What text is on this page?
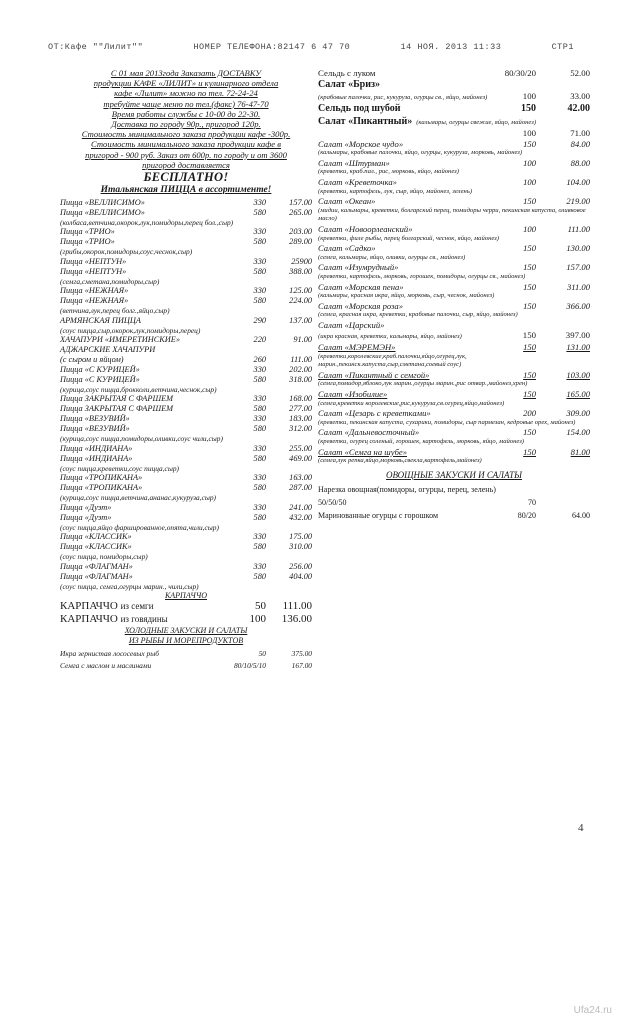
ОТ:Кафе ""Лилит""	НОМЕР ТЕЛЕФОНА:82147 6 47 70	14 НОЯ. 2013 11:33	СТР1
С 01 мая 2013года Заказать ДОСТАВКУ
продукции КАФЕ «ЛИЛИТ» и кулинарного отдела
кафе «Лилит» можно по тел. 72-24-24
требуйте чаще меню по тел.(факс) 76-47-70
Время работы службы с 10-00 до 22-30.
Доставка по городу 90р., пригород 120р.
Стоимость минимального заказа продукции кафе -300р.
Стоимость минимального заказа продукции кафе в
пригород - 900 руб. Заказ от 600р. по городу и от 3600
пригород доставляется
БЕСПЛАТНО!
Итальянская ПИЦЦА в ассортименте!
Пицца «ВЕЛЛИСИМО»	330	157.00
Пицца «ВЕЛЛИСИМО»	580	265.00
(колбаса,ветчина,окорок,лук,помидоры,перец бол.,сыр)
Пицца «ТРИО»	330	203.00
Пицца «ТРИО»	580	289.00
(грибы,окорок,помидоры,соус,чеснок,сыр)
Пицца «НЕПТУН»	330	25900
Пицца «НЕПТУН»	580	388.00
(семга,сметана,помидоры,сыр)
Пицца «НЕЖНАЯ»	330	125.00
Пицца «НЕЖНАЯ»	580	224.00
(ветчина,лук,перец болг.,яйцо,сыр)
АРМЯНСКАЯ ПИЦЦА	290	137.00
(соус пицца,сыр,окорок,лук,помидоры,перец)
ХАЧАПУРИ «ИМЕРЕТИНСКИЕ»	220	91.00
АДЖАРСКИЕ ХАЧАПУРИ
(с сыром и яйцом)	260	111.00
Пицца «С КУРИЦЕЙ»	330	202.00
Пицца «С КУРИЦЕЙ»	580	318.00
(курица,соус пицца,брокколи,ветчина,чеснок,сыр)
Пицца ЗАКРЫТАЯ С ФАРШЕМ	330	168.00
Пицца ЗАКРЫТАЯ С ФАРШЕМ	580	277.00
Пицца «ВЕЗУВИЙ»	330	183.00
Пицца «ВЕЗУВИЙ»	580	312.00
(курица,соус пицца,помидоры,оливки,соус чили,сыр)
Пицца «ИНДИАНА»	330	255.00
Пицца «ИНДИАНА»	580	469.00
(соус пицца,креветки,соус пицца,сыр)
Пицца «ТРОПИКАНА»	330	163.00
Пицца «ТРОПИКАНА»	580	287.00
(курица,соус пицца,ветчина,ананас,кукуруза,сыр)
Пицца «Дуэт»	330	241.00
Пицца «Дуэт»	580	432.00
(соус пицца,яйцо фаршированное,опята,чили,сыр)
Пицца «КЛАССИК»	330	175.00
Пицца «КЛАССИК»	580	310.00
(соус пицца, помидоры,сыр)
Пицца «ФЛАГМАН»	330	256.00
Пицца «ФЛАГМАН»	580	404.00
(соус пицца, семга,огурцы марин., чили,сыр)
КАРПАЧЧО
КАРПАЧЧО из семги	50	111.00
КАРПАЧЧО из говядины	100	136.00
ХОЛОДНЫЕ ЗАКУСКИ И САЛАТЫ
ИЗ РЫБЫ И МОРЕПРОДУКТОВ
Икра зернистая лососевых рыб	50	375.00
Семга с маслом и маслинами	80/10/5/10	167.00
Сельдь с луком	80/30/20	52.00
Салат «Бриз»
(крабовые палочки, рис, кукуруза, огурцы св., яйцо, майонез)	100	33.00
Сельдь под шубой	150	42.00
Салат «Пикантный» (кальмары, огурцы свежие, яйцо, майонез)
100	71.00
Салат «Морское чудо»	150	84.00
(кальмары, крабовые палочки, яйцо, огурцы, кукуруза, морковь, майонез)
Салат «Штурман»	100	88.00
(креветки, краб.пал., рис, морковь, яйцо, майонез)
Салат «Креветочка»	100	104.00
(креветки, картофель, лук, сыр, яйцо, майонез, зелень)
Салат «Океан»	150	219.00
(мидии, кальмары, креветки, болгарский перец, помидоры черри, пекинская капуста, оливковое масло)
Салат «Новоорлеанский»	100	111.00
(креветки, филе рыбы, перец болгарский, чеснок, яйцо, майонез)
Салат «Садко»	150	130.00
(семга, кальмары, яйцо, оливки, огурцы св., майонез)
Салат «Изумрудный»	150	157.00
(креветки, картофель, морковь, горошек, помидоры, огурцы св., майонез)
Салат «Морская пена»	150	311.00
(кальмары, красная икра, яйцо, морковь, сыр, чеснок, майонез)
Салат «Морская роза»	150	366.00
(семга, красная икра, креветки, крабовые палочки, сыр, яйцо, майонез)
Салат «Царский»
(икра красная, креветки, кальмары, яйцо, майонез)	150	397.00
Салат «МЭРЕМЭН»	150	131.00
(креветки,королевские,краб.палочки,яйцо,огурец,лук, марин.,пекинск.капуста,сыр,сметана,соевый соус)
Салат «Пикантный с семгой»	150	103.00
(семга,помидор,яблоко,лук марин.,огурцы марин.,рис отвар.,майонез,хрен)
Салат «Изобилие»	150	165.00
(семга,креветки королевские,рис,кукуруза,св.огурец,яйцо,майонез)
Салат «Цезарь с креветками»	200	309.00
(креветки, пекинская капуста, сухарики, помидоры, сыр пармезан, кедровые орех, майонез)
Салат «Дальневосточный»	150	154.00
(креветки, огурец соленый, горошек, картофель, морковь, яйцо, майонез)
Салат «Семга на шубе»	150	81.00
(семга,лук репка,яйцо,морковь,свекла,картофель,майонез)
ОВОЩНЫЕ ЗАКУСКИ И САЛАТЫ
Нарезка овощная(помидоры, огурцы, перец, зелень)
50/50/50	70
Маринованные огурцы с горошком	80/20	64.00
4
Ufa24.ru
